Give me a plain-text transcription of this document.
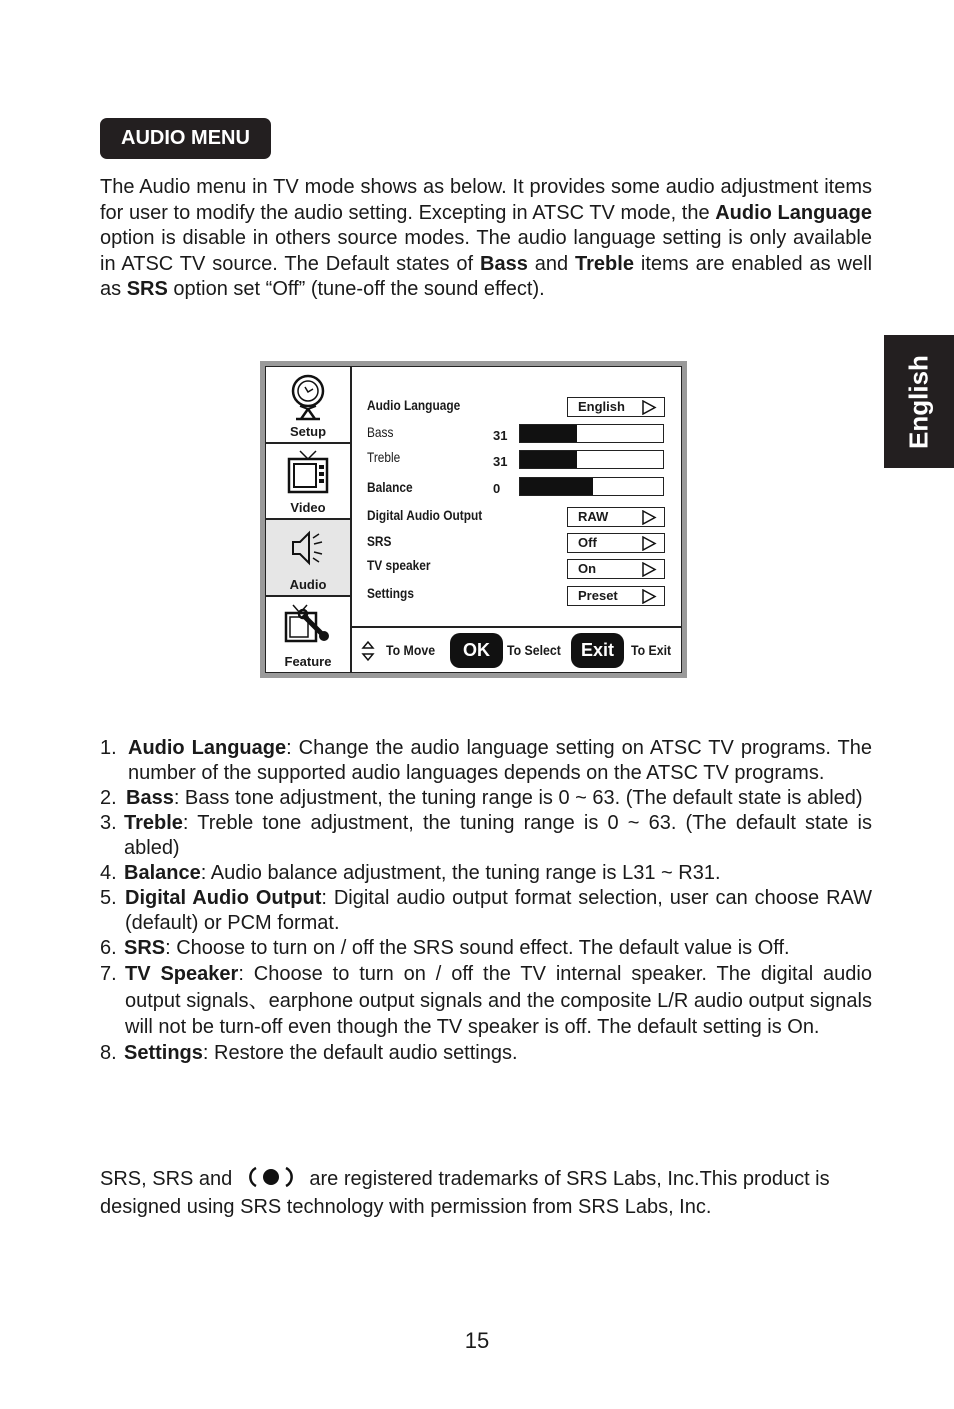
AUDIO MENU
English
The Audio menu in TV mode shows as below. It provides some audio adjustment items for user to modify the audio setting. Excepting in ATSC TV mode, the Audio Language option is disable in others source modes. The audio language setting is only available in ATSC TV source. The Default states of Bass and Treble items are enabled as well as SRS option set “Off” (tune-off the sound effect).
Setup
Video
Audio
Feature
Audio Language	English
Bass	31
Treble	31
Balance	0
Digital Audio Output	RAW
SRS	Off
TV speaker	On
Settings	Preset
To Move	OK	To Select	Exit	To Exit
1. Audio Language: Change the audio language setting on ATSC TV programs. The number of the supported audio languages depends on the ATSC TV programs.
2. Bass: Bass tone adjustment, the tuning range is 0 ~ 63. (The default state is abled)
3. Treble: Treble tone adjustment, the tuning range is 0 ~ 63. (The default state is abled)
4. Balance: Audio balance adjustment, the tuning range is L31 ~ R31.
5. Digital Audio Output: Digital audio output format selection, user can choose RAW (default) or PCM format.
6. SRS: Choose to turn on / off the SRS sound effect. The default value is Off.
7. TV Speaker: Choose to turn on / off the TV internal speaker. The digital audio output signals、earphone output signals and the composite L/R audio output signals will not be turn-off even though the TV speaker is off. The default setting is On.
8. Settings: Restore the default audio settings.
SRS, SRS and	are registered trademarks of SRS Labs, Inc.This product is designed using SRS technology with permission from SRS Labs, Inc.
15
